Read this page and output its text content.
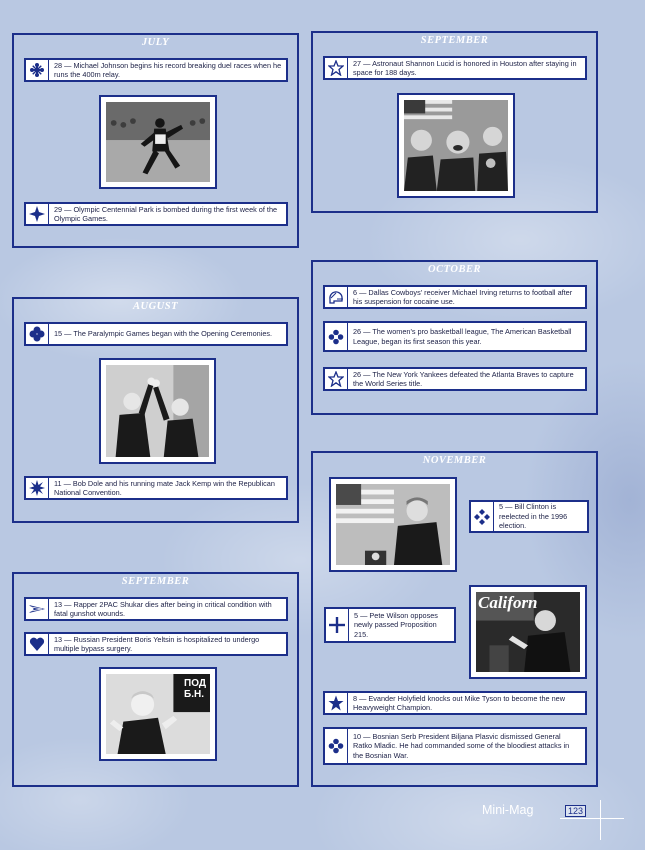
JULY
28 — Michael Johnson begins his record breaking duel races when he runs the 400m relay.
29 — Olympic Centennial Park is bombed during the first week of the Olympic Games.
AUGUST
15 — The Paralympic Games began with the Opening Ceremonies.
11 — Bob Dole and his running mate Jack Kemp win the Republican National Convention.
SEPTEMBER
13 — Rapper 2PAC Shukar dies after being in critical condition with fatal gunshot wounds.
13 — Russian President Boris Yeltsin is hospitalized to undergo multiple bypass surgery.
ПОД
Б.Н.
SEPTEMBER
27 — Astronaut Shannon Lucid is honored in Houston after staying in space for 188 days.
OCTOBER
6 — Dallas Cowboys' receiver Michael Irving returns to football after his suspension for cocaine use.
26 — The women's pro basketball league, The American Basketball League, began its first season this year.
26 — The New York Yankees defeated the Atlanta Braves to capture the World Series title.
NOVEMBER
5 — Bill Clinton is reelected in the 1996 election.
5 — Pete Wilson opposes newly passed Proposition 215.
Californ
8 — Evander Holyfield knocks out Mike Tyson to become the new Heavyweight Champion.
10 — Bosnian Serb President Biljana Plasvic dismissed General Ratko Mladic. He had commanded some of the bloodiest attacks in the Bosnian War.
Mini-Mag	123
